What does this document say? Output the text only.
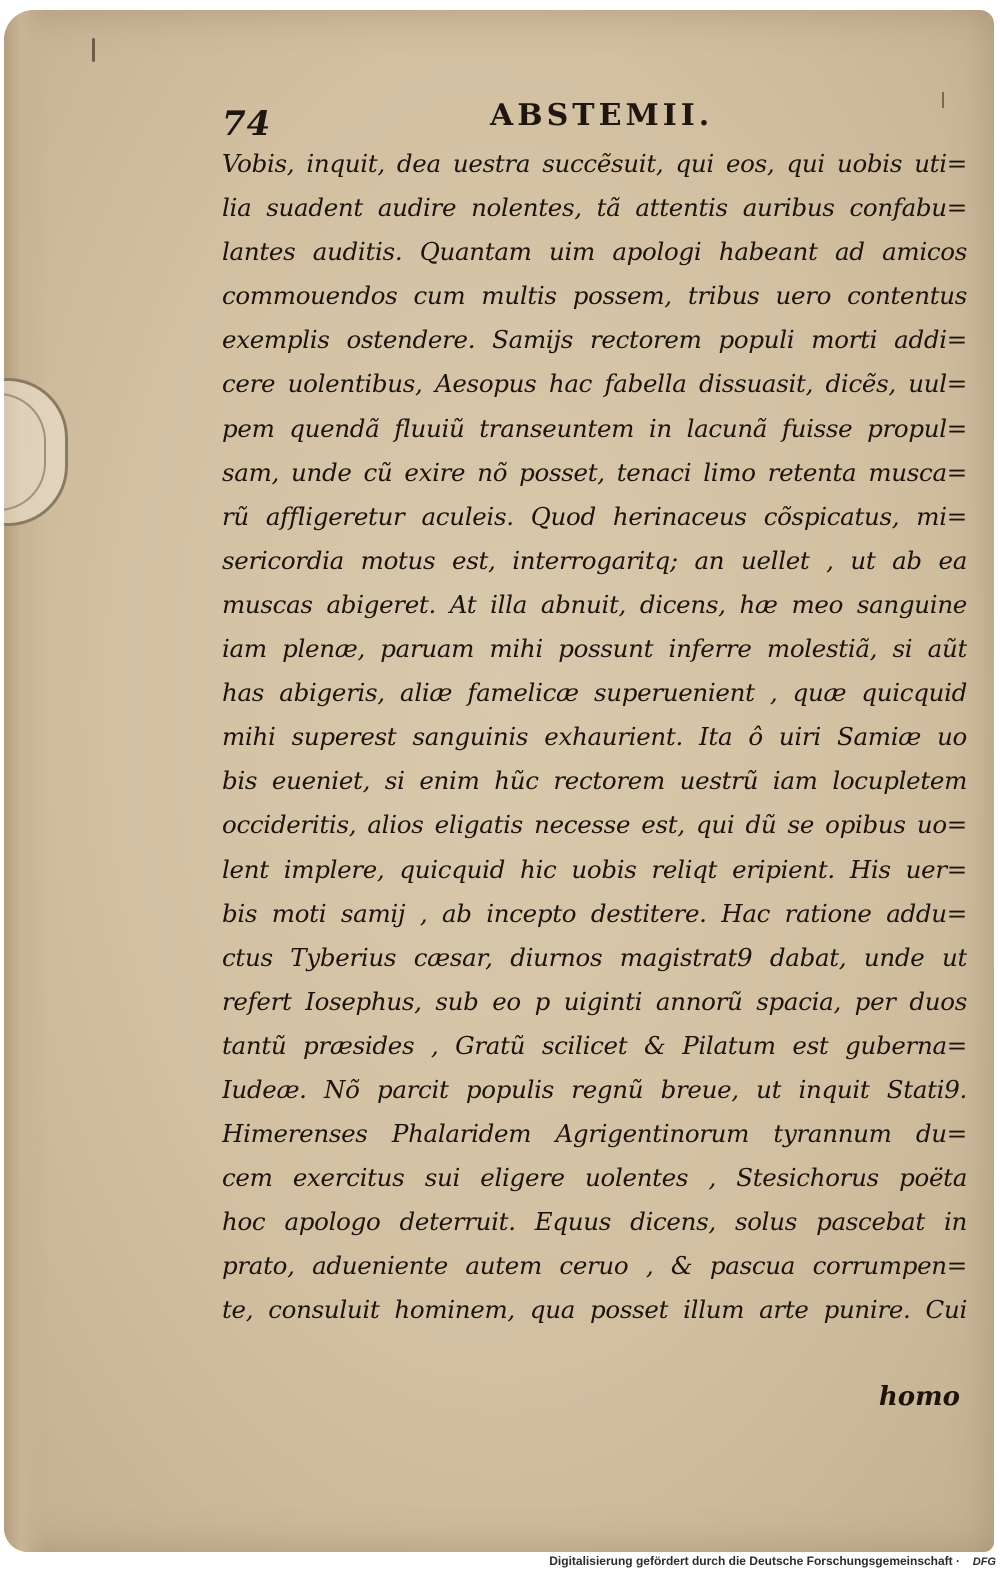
74	ABSTEMII.
Vobis, inquit, dea uestra succẽsuit, qui eos, qui uobis uti=
lia suadent audire nolentes, tã attentis auribus confabu=
lantes auditis. Quantam uim apologi habeant ad amicos
commouendos cum multis possem, tribus uero contentus
exemplis ostendere. Samijs rectorem populi morti addi=
cere uolentibus, Aesopus hac fabella dissuasit, dicẽs, uul=
pem quendã fluuiũ transeuntem in lacunã fuisse propul=
sam, unde cũ exire nõ posset, tenaci limo retenta musca=
rũ affligeretur aculeis. Quod herinaceus cõspicatus, mi=
sericordia motus est, interrogaritq; an uellet , ut ab ea
muscas abigeret. At illa abnuit, dicens, hæ meo sanguine
iam plenæ, paruam mihi possunt inferre molestiã, si aũt
has abigeris, aliæ famelicæ superuenient , quæ quicquid
mihi superest sanguinis exhaurient. Ita ô uiri Samiæ uo
bis eueniet, si enim hũc rectorem uestrũ iam locupletem
occideritis, alios eligatis necesse est, qui dũ se opibus uo=
lent implere, quicquid hic uobis reliqt eripient. His uer=
bis moti samij , ab incepto destitere. Hac ratione addu=
ctus Tyberius cæsar, diurnos magistrat9 dabat, unde ut
refert Iosephus, sub eo p uiginti annorũ spacia, per duos
tantũ præsides , Gratũ scilicet & Pilatum est guberna=
Iudeæ. Nõ parcit populis regnũ breue, ut inquit Stati9.
Himerenses Phalaridem Agrigentinorum tyrannum du=
cem exercitus sui eligere uolentes , Stesichorus poëta
hoc apologo deterruit. Equus dicens, solus pascebat in
prato, adueniente autem ceruo , & pascua corrumpen=
te, consuluit hominem, qua posset illum arte punire. Cui
homo
Digitalisierung gefördert durch die Deutsche Forschungsgemeinschaft · DFG
